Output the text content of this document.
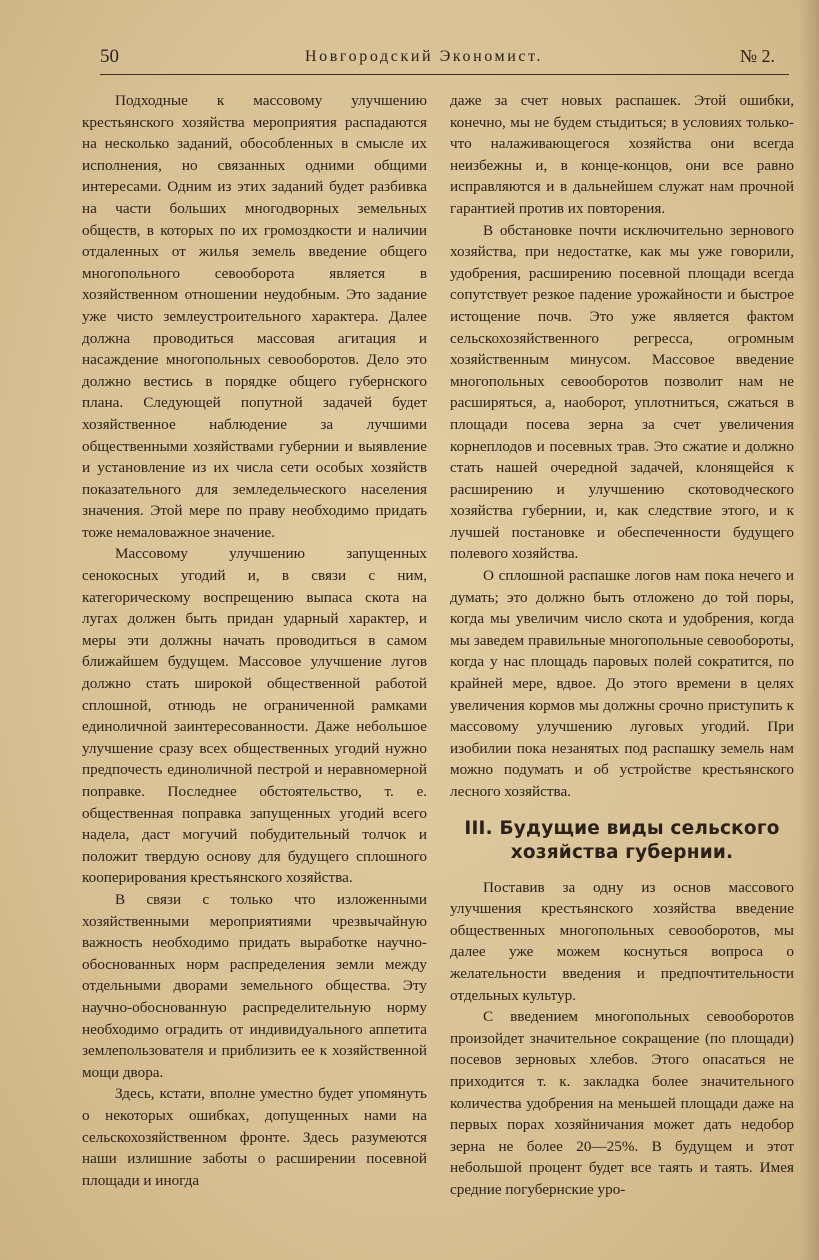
50	Новгородский Экономист.	№ 2.

Подходные к массовому улучшению крестьянского хозяйства мероприятия распадаются на несколько заданий, обособленных в смысле их исполнения, но связанных одними общими интересами. Одним из этих заданий будет разбивка на части больших многодворных земельных обществ, в которых по их громоздкости и наличии отдаленных от жилья земель введение общего многопольного севооборота является в хозяйственном отношении неудобным. Это задание уже чисто землеустроительного характера. Далее должна проводиться массовая агитация и насаждение многопольных севооборотов. Дело это должно вестись в порядке общего губернского плана. Следующей попутной задачей будет хозяйственное наблюдение за лучшими общественными хозяйствами губернии и выявление и установление из их числа сети особых хозяйств показательного для земледельческого населения значения. Этой мере по праву необходимо придать тоже немаловажное значение.

Массовому улучшению запущенных сенокосных угодий и, в связи с ним, категорическому воспрещению выпаса скота на лугах должен быть придан ударный характер, и меры эти должны начать проводиться в самом ближайшем будущем. Массовое улучшение лугов должно стать широкой общественной работой сплошной, отнюдь не ограниченной рамками единоличной заинтересованности. Даже небольшое улучшение сразу всех общественных угодий нужно предпочесть единоличной пестрой и неравномерной поправке. Последнее обстоятельство, т. е. общественная поправка запущенных угодий всего надела, даст могучий побудительный толчок и положит твердую основу для будущего сплошного кооперирования крестьянского хозяйства.

В связи с только что изложенными хозяйственными мероприятиями чрезвычайную важность необходимо придать выработке научно-обоснованных норм распределения земли между отдельными дворами земельного общества. Эту научно-обоснованную распределительную норму необходимо оградить от индивидуального аппетита землепользователя и приблизить ее к хозяйственной мощи двора.

Здесь, кстати, вполне уместно будет упомянуть о некоторых ошибках, допущенных нами на сельскохозяйственном фронте. Здесь разумеются наши излишние заботы о расширении посевной площади и иногда

даже за счет новых распашек. Этой ошибки, конечно, мы не будем стыдиться; в условиях только-что налаживающегося хозяйства они всегда неизбежны и, в конце-концов, они все равно исправляются и в дальнейшем служат нам прочной гарантией против их повторения.

В обстановке почти исключительно зернового хозяйства, при недостатке, как мы уже говорили, удобрения, расширению посевной площади всегда сопутствует резкое падение урожайности и быстрое истощение почв. Это уже является фактом сельскохозяйственного регресса, огромным хозяйственным минусом. Массовое введение многопольных севооборотов позволит нам не расширяться, а, наоборот, уплотниться, сжаться в площади посева зерна за счет увеличения корнеплодов и посевных трав. Это сжатие и должно стать нашей очередной задачей, клонящейся к расширению и улучшению скотоводческого хозяйства губернии, и, как следствие этого, и к лучшей постановке и обеспеченности будущего полевого хозяйства.

О сплошной распашке логов нам пока нечего и думать; это должно быть отложено до той поры, когда мы увеличим число скота и удобрения, когда мы заведем правильные многопольные севообороты, когда у нас площадь паровых полей сократится, по крайней мере, вдвое. До этого времени в целях увеличения кормов мы должны срочно приступить к массовому улучшению луговых угодий. При изобилии пока незанятых под распашку земель нам можно подумать и об устройстве крестьянского лесного хозяйства.

III. Будущие виды сельского хозяйства губернии.

Поставив за одну из основ массового улучшения крестьянского хозяйства введение общественных многопольных севооборотов, мы далее уже можем коснуться вопроса о желательности введения и предпочтительности отдельных культур.

С введением многопольных севооборотов произойдет значительное сокращение (по площади) посевов зерновых хлебов. Этого опасаться не приходится т. к. закладка более значительного количества удобрения на меньшей площади даже на первых порах хозяйничания может дать недобор зерна не более 20—25%. В будущем и этот небольшой процент будет все таять и таять. Имея средние погубернские уро-
